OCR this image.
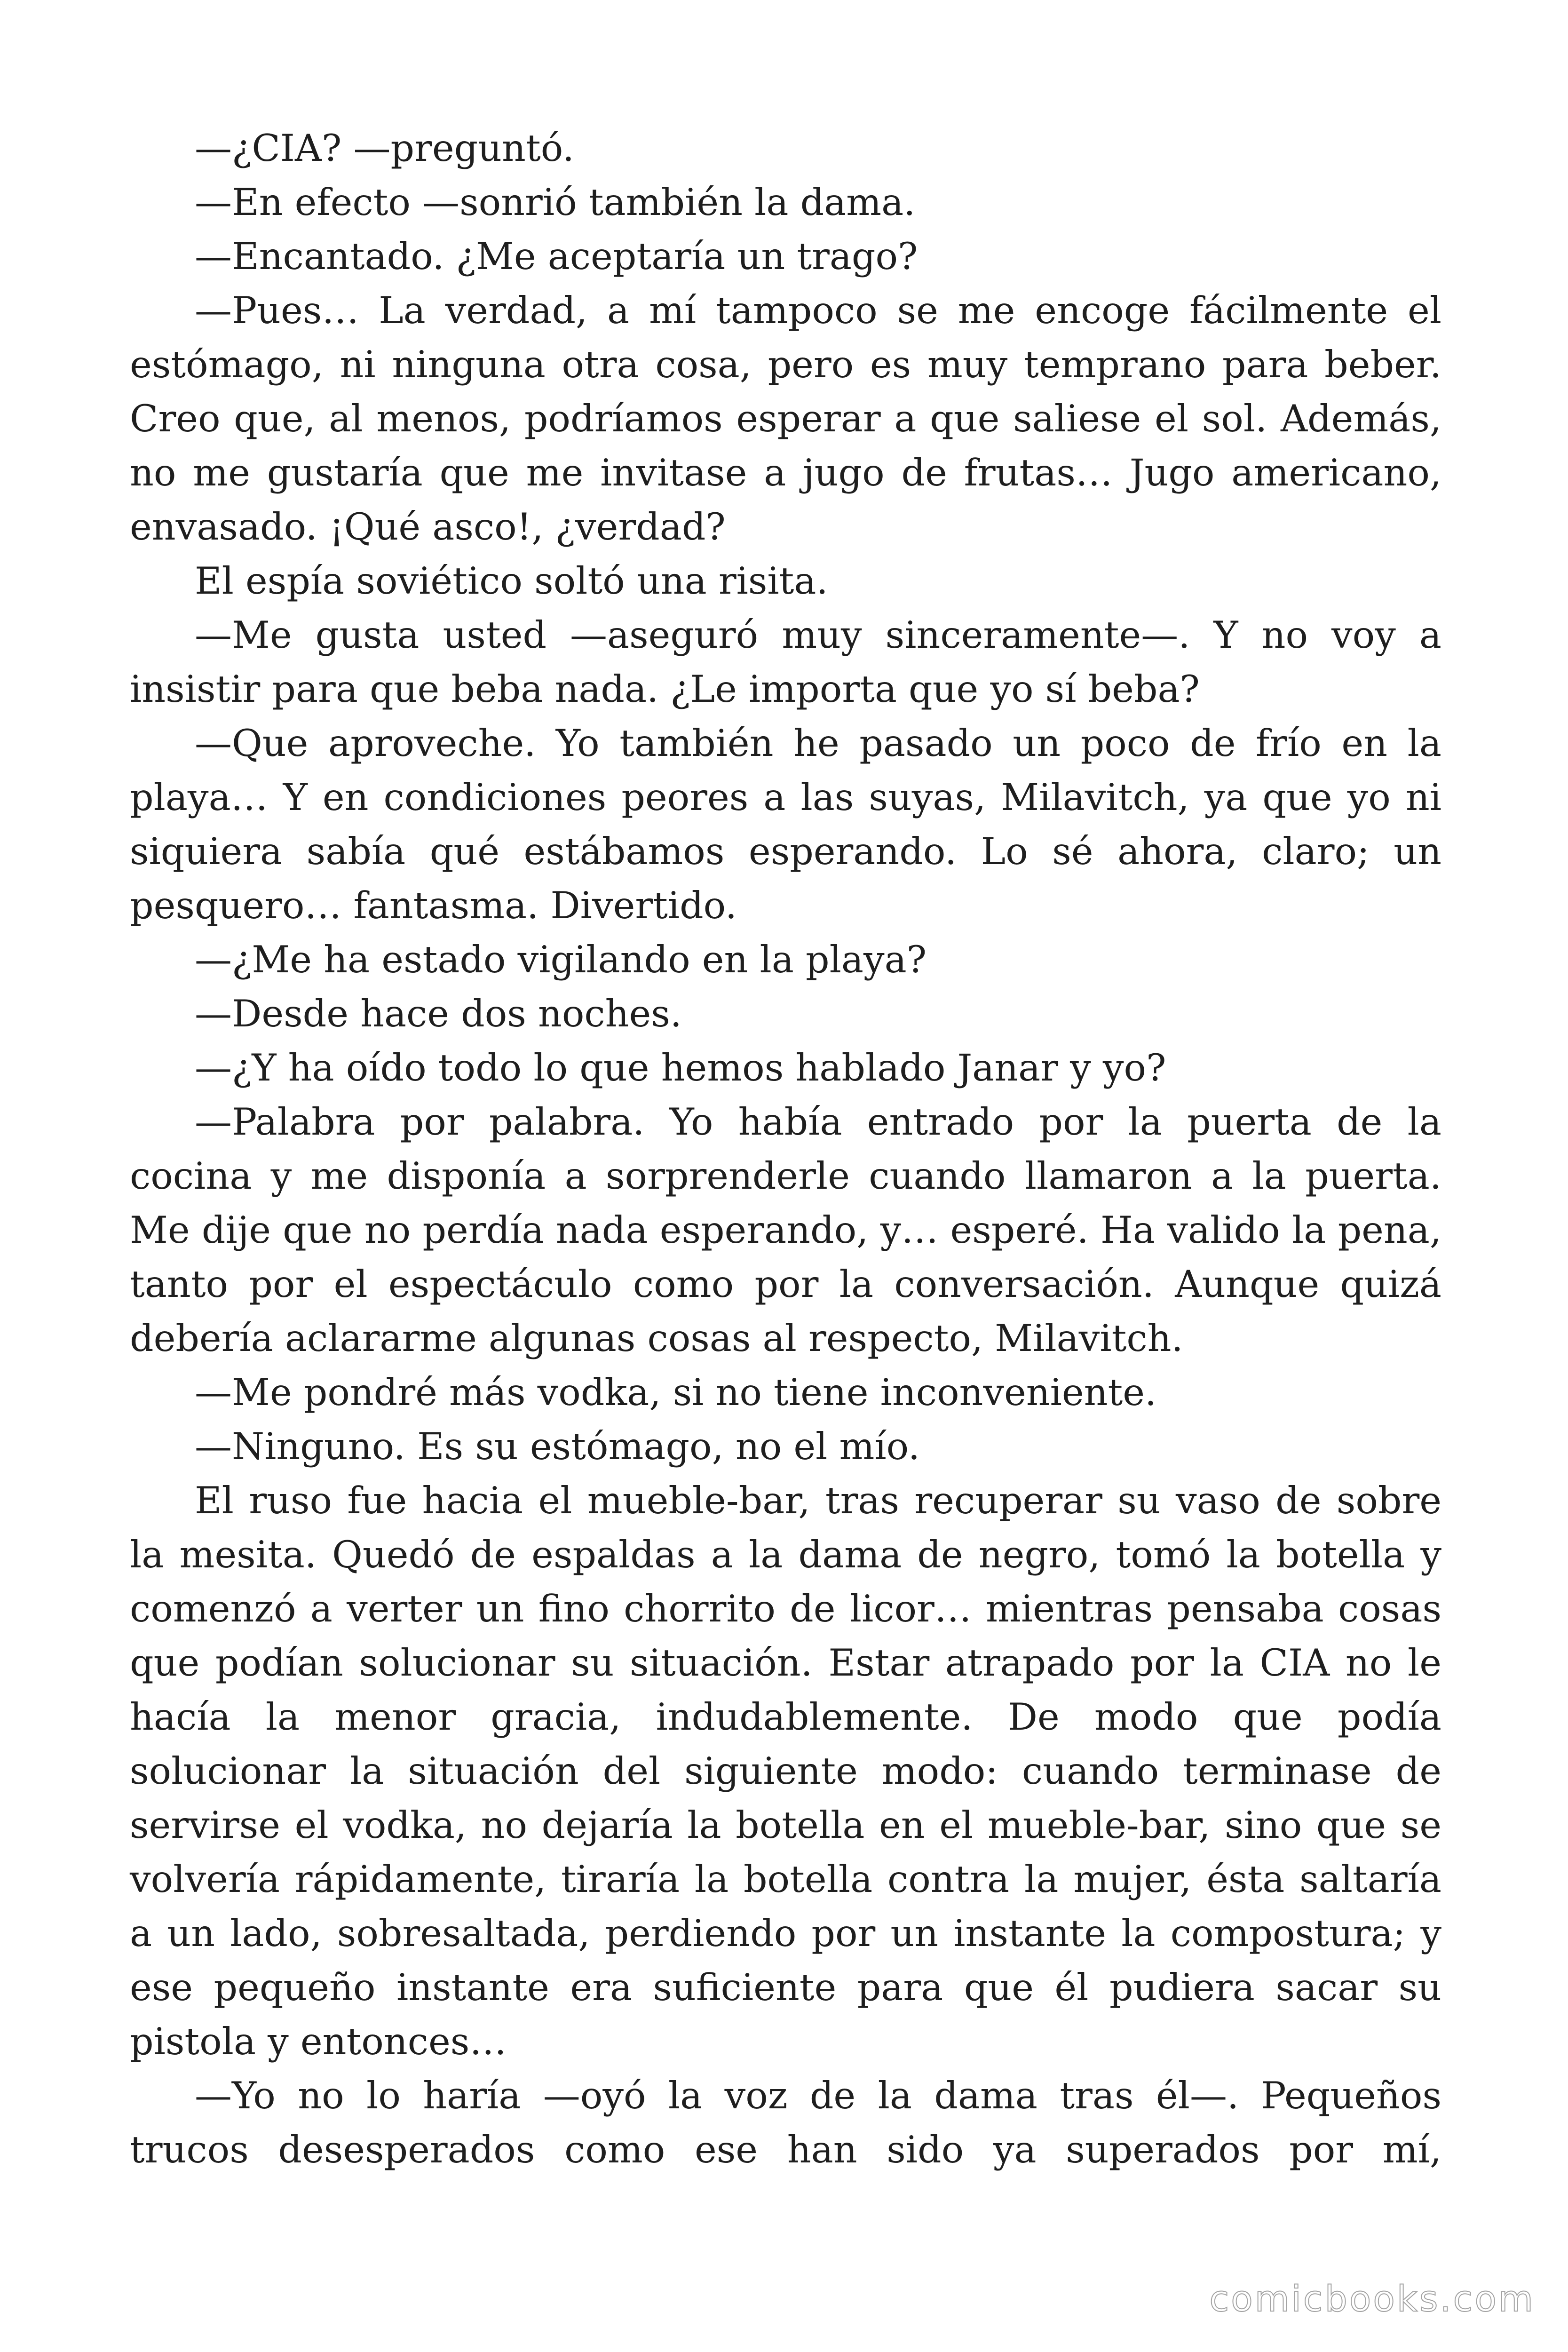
—¿CIA? —preguntó.

—En efecto —sonrió también la dama.

—Encantado. ¿Me aceptaría un trago?

—Pues… La verdad, a mí tampoco se me encoge fácilmente el estómago, ni ninguna otra cosa, pero es muy temprano para beber. Creo que, al menos, podríamos esperar a que saliese el sol. Además, no me gustaría que me invitase a jugo de frutas… Jugo americano, envasado. ¡Qué asco!, ¿verdad?

El espía soviético soltó una risita.

—Me gusta usted —aseguró muy sinceramente—. Y no voy a insistir para que beba nada. ¿Le importa que yo sí beba?

—Que aproveche. Yo también he pasado un poco de frío en la playa… Y en condiciones peores a las suyas, Milavitch, ya que yo ni siquiera sabía qué estábamos esperando. Lo sé ahora, claro; un pesquero… fantasma. Divertido.

—¿Me ha estado vigilando en la playa?

—Desde hace dos noches.

—¿Y ha oído todo lo que hemos hablado Janar y yo?

—Palabra por palabra. Yo había entrado por la puerta de la cocina y me disponía a sorprenderle cuando llamaron a la puerta. Me dije que no perdía nada esperando, y… esperé. Ha valido la pena, tanto por el espectáculo como por la conversación. Aunque quizá debería aclararme algunas cosas al respecto, Milavitch.

—Me pondré más vodka, si no tiene inconveniente.

—Ninguno. Es su estómago, no el mío.

El ruso fue hacia el mueble-bar, tras recuperar su vaso de sobre la mesita. Quedó de espaldas a la dama de negro, tomó la botella y comenzó a verter un fino chorrito de licor… mientras pensaba cosas que podían solucionar su situación. Estar atrapado por la CIA no le hacía la menor gracia, indudablemente. De modo que podía solucionar la situación del siguiente modo: cuando terminase de servirse el vodka, no dejaría la botella en el mueble-bar, sino que se volvería rápidamente, tiraría la botella contra la mujer, ésta saltaría a un lado, sobresaltada, perdiendo por un instante la compostura; y ese pequeño instante era suficiente para que él pudiera sacar su pistola y entonces…

—Yo no lo haría —oyó la voz de la dama tras él—. Pequeños trucos desesperados como ese han sido ya superados por mí,

comicbooks.com
